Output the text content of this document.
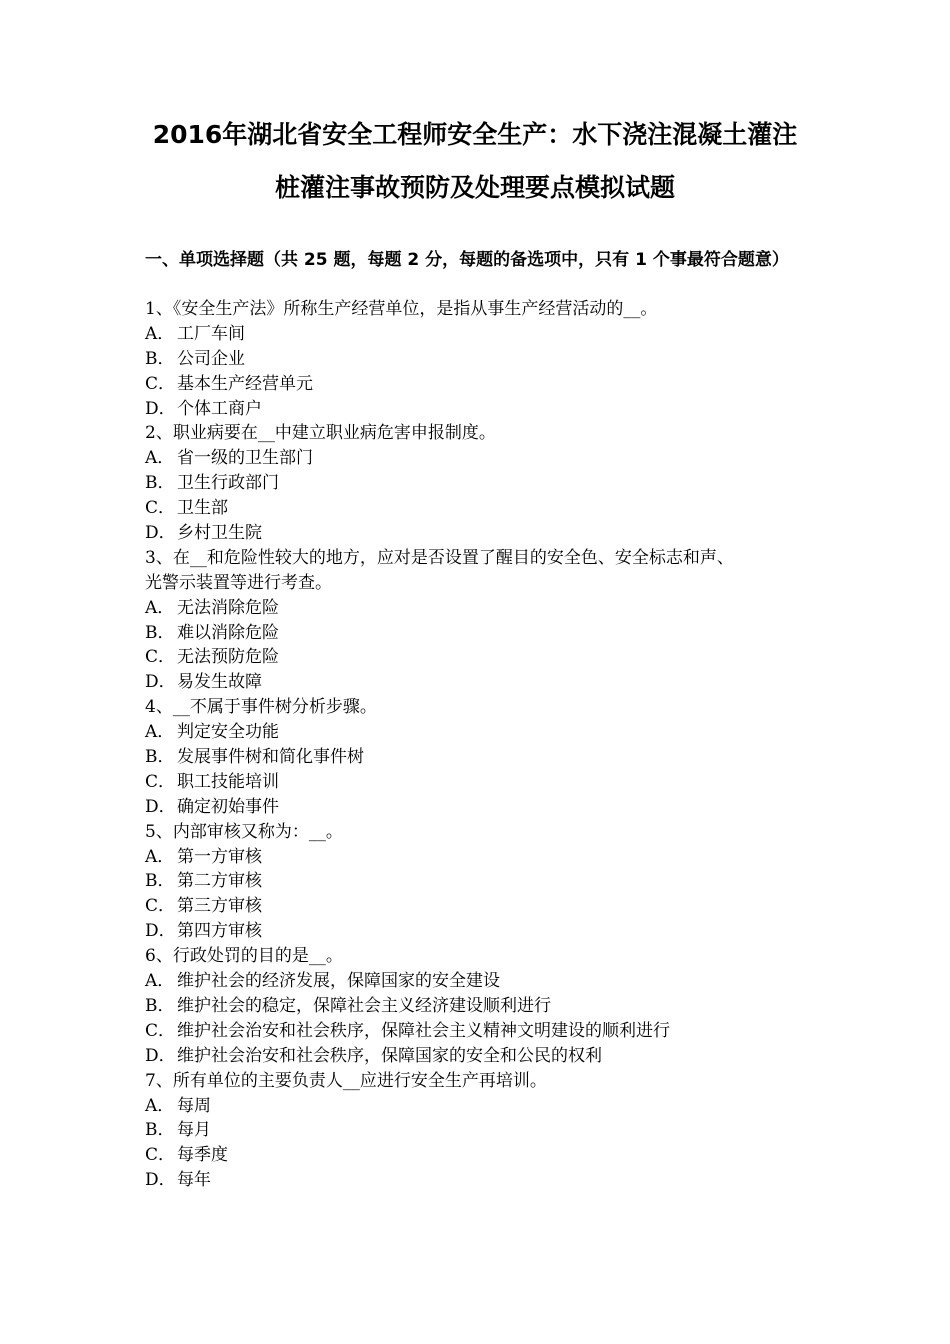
2016年湖北省安全工程师安全生产：水下浇注混凝土灌注
桩灌注事故预防及处理要点模拟试题
一、单项选择题（共 25 题，每题 2 分，每题的备选项中，只有 1 个事最符合题意）
1、《安全生产法》所称生产经营单位，是指从事生产经营活动的__。
A． 工厂车间
B． 公司企业
C． 基本生产经营单元
D．个体工商户
2、职业病要在__中建立职业病危害申报制度。
A． 省一级的卫生部门
B． 卫生行政部门
C． 卫生部
D．乡村卫生院
3、在__和危险性较大的地方，应对是否设置了醒目的安全色、安全标志和声、
光警示装置等进行考查。
A． 无法消除危险
B． 难以消除危险
C． 无法预防危险
D．易发生故障
4、__不属于事件树分析步骤。
A． 判定安全功能
B． 发展事件树和简化事件树
C． 职工技能培训
D．确定初始事件
5、内部审核又称为：__。
A． 第一方审核
B． 第二方审核
C． 第三方审核
D．第四方审核
6、行政处罚的目的是__。
A． 维护社会的经济发展，保障国家的安全建设
B． 维护社会的稳定，保障社会主义经济建设顺利进行
C． 维护社会治安和社会秩序，保障社会主义精神文明建设的顺利进行
D．维护社会治安和社会秩序，保障国家的安全和公民的权利
7、所有单位的主要负责人__应进行安全生产再培训。
A． 每周
B． 每月
C． 每季度
D．每年
